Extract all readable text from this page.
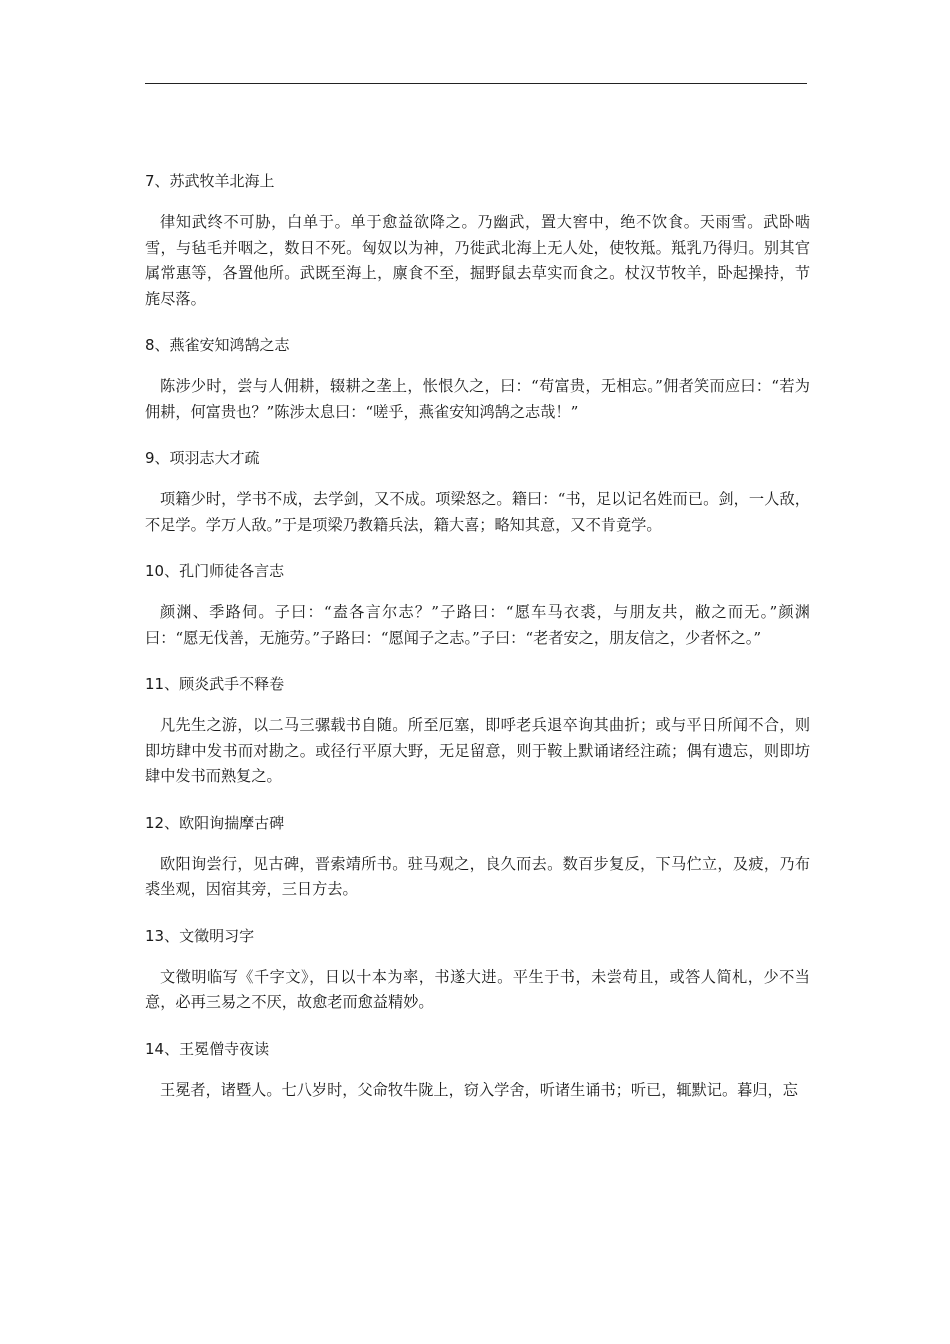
7、苏武牧羊北海上

律知武终不可胁，白单于。单于愈益欲降之。乃幽武，置大窖中，绝不饮食。天雨雪。武卧啮雪，与毡毛并咽之，数日不死。匈奴以为神，乃徙武北海上无人处，使牧羝。羝乳乃得归。别其官属常惠等，各置他所。武既至海上，廪食不至，掘野鼠去草实而食之。杖汉节牧羊，卧起操持，节旄尽落。

8、燕雀安知鸿鹄之志

陈涉少时，尝与人佣耕，辍耕之垄上，怅恨久之，曰：“苟富贵，无相忘。”佣者笑而应曰：“若为佣耕，何富贵也？”陈涉太息曰：“嗟乎，燕雀安知鸿鹄之志哉！”

9、项羽志大才疏

项籍少时，学书不成，去学剑，又不成。项梁怒之。籍曰：“书，足以记名姓而已。剑，一人敌，不足学。学万人敌。”于是项梁乃教籍兵法，籍大喜；略知其意，又不肯竟学。

10、孔门师徒各言志

颜渊、季路伺。子曰：“盍各言尔志？”子路曰：“愿车马衣裘，与朋友共，敝之而无。”颜渊曰：“愿无伐善，无施劳。”子路曰：“愿闻子之志。”子曰：“老者安之，朋友信之，少者怀之。”

11、顾炎武手不释卷

凡先生之游，以二马三骡载书自随。所至厄塞，即呼老兵退卒询其曲折；或与平日所闻不合，则即坊肆中发书而对勘之。或径行平原大野，无足留意，则于鞍上默诵诸经注疏；偶有遗忘，则即坊肆中发书而熟复之。

12、欧阳询揣摩古碑

欧阳询尝行，见古碑，晋索靖所书。驻马观之，良久而去。数百步复反，下马伫立，及疲，乃布裘坐观，因宿其旁，三日方去。

13、文徵明习字

文徵明临写《千字文》，日以十本为率，书遂大进。平生于书，未尝苟且，或答人简札，少不当意，必再三易之不厌，故愈老而愈益精妙。

14、王冕僧寺夜读

王冕者，诸暨人。七八岁时，父命牧牛陇上，窃入学舍，听诸生诵书；听已，辄默记。暮归，忘
